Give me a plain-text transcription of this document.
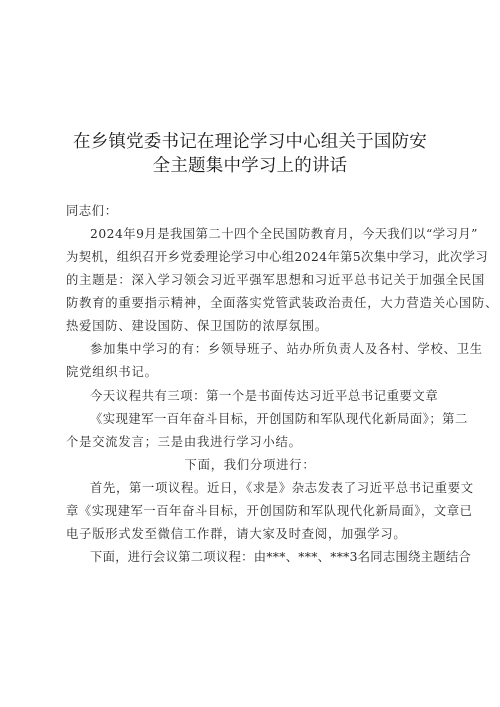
在乡镇党委书记在理论学习中心组关于国防安
全主题集中学习上的讲话
同志们：
2024年9月是我国第二十四个全民国防教育月，今天我们以“学习月”
为契机，组织召开乡党委理论学习中心组2024年第5次集中学习，此次学习
的主题是：深入学习领会习近平强军思想和习近平总书记关于加强全民国
防教育的重要指示精神，全面落实党管武装政治责任，大力营造关心国防、
热爱国防、建设国防、保卫国防的浓厚氛围。
参加集中学习的有：乡领导班子、站办所负责人及各村、学校、卫生
院党组织书记。
今天议程共有三项：第一个是书面传达习近平总书记重要文章
《实现建军一百年奋斗目标，开创国防和军队现代化新局面》；第二
个是交流发言；三是由我进行学习小结。
下面，我们分项进行：
首先，第一项议程。近日，《求是》杂志发表了习近平总书记重要文
章《实现建军一百年奋斗目标，开创国防和军队现代化新局面》，文章已
电子版形式发至微信工作群，请大家及时查阅，加强学习。
下面，进行会议第二项议程：由***、***、***3名同志围绕主题结合
